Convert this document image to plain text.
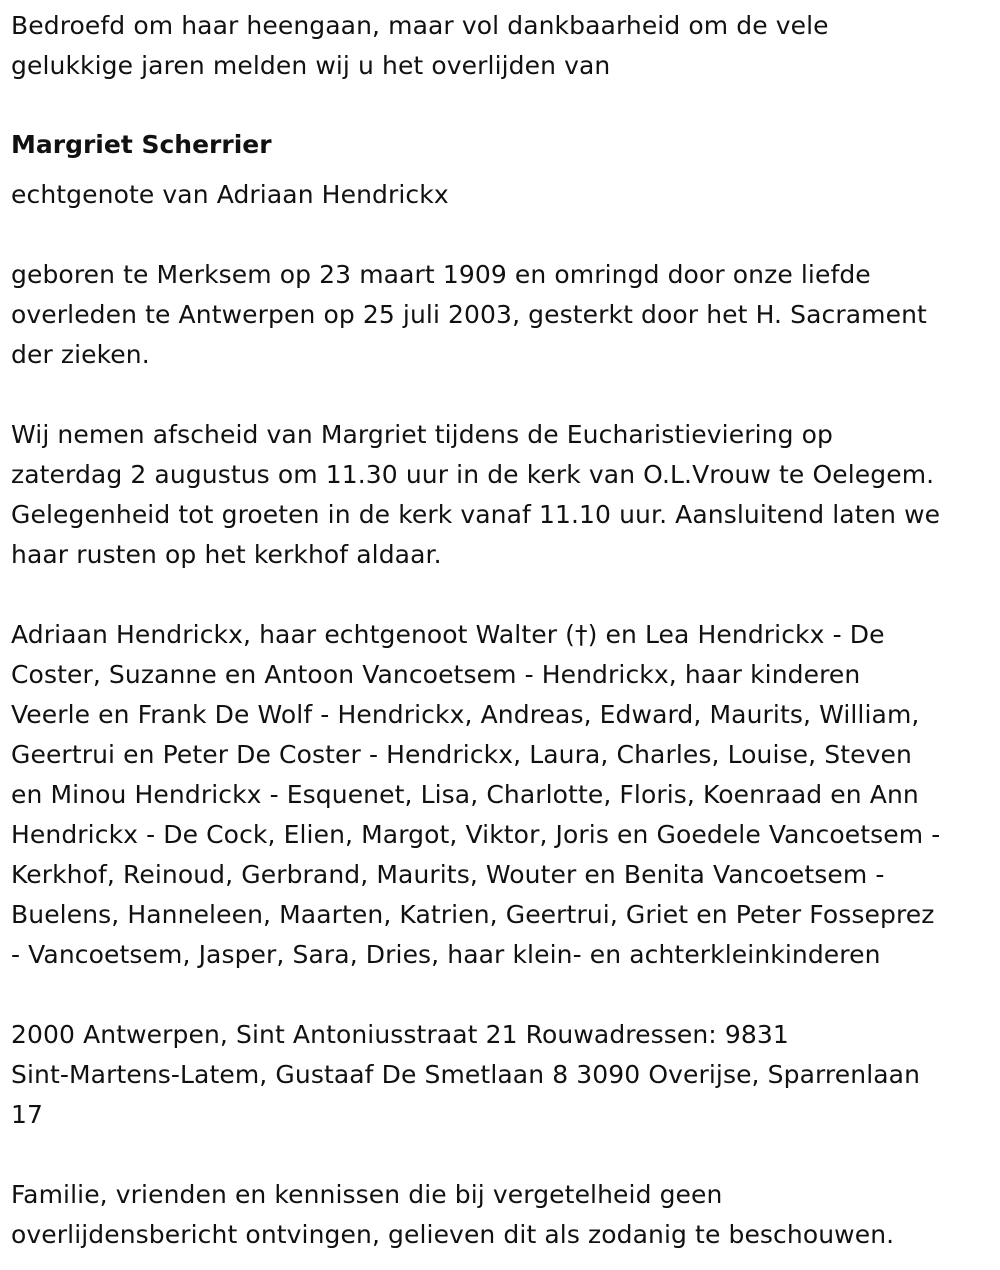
Bedroefd om haar heengaan, maar vol dankbaarheid om de vele
gelukkige jaren melden wij u het overlijden van
Margriet Scherrier
echtgenote van Adriaan Hendrickx
geboren te Merksem op 23 maart 1909 en omringd door onze liefde
overleden te Antwerpen op 25 juli 2003, gesterkt door het H. Sacrament
der zieken.
Wij nemen afscheid van Margriet tijdens de Eucharistieviering op
zaterdag 2 augustus om 11.30 uur in de kerk van O.L.Vrouw te Oelegem.
Gelegenheid tot groeten in de kerk vanaf 11.10 uur. Aansluitend laten we
haar rusten op het kerkhof aldaar.
Adriaan Hendrickx, haar echtgenoot Walter (†) en Lea Hendrickx - De
Coster, Suzanne en Antoon Vancoetsem - Hendrickx, haar kinderen
Veerle en Frank De Wolf - Hendrickx, Andreas, Edward, Maurits, William,
Geertrui en Peter De Coster - Hendrickx, Laura, Charles, Louise, Steven
en Minou Hendrickx - Esquenet, Lisa, Charlotte, Floris, Koenraad en Ann
Hendrickx - De Cock, Elien, Margot, Viktor, Joris en Goedele Vancoetsem -
Kerkhof, Reinoud, Gerbrand, Maurits, Wouter en Benita Vancoetsem -
Buelens, Hanneleen, Maarten, Katrien, Geertrui, Griet en Peter Fosseprez
- Vancoetsem, Jasper, Sara, Dries, haar klein- en achterkleinkinderen
2000 Antwerpen, Sint Antoniusstraat 21 Rouwadressen: 9831
Sint-Martens-Latem, Gustaaf De Smetlaan 8 3090 Overijse, Sparrenlaan
17
Familie, vrienden en kennissen die bij vergetelheid geen
overlijdensbericht ontvingen, gelieven dit als zodanig te beschouwen.
